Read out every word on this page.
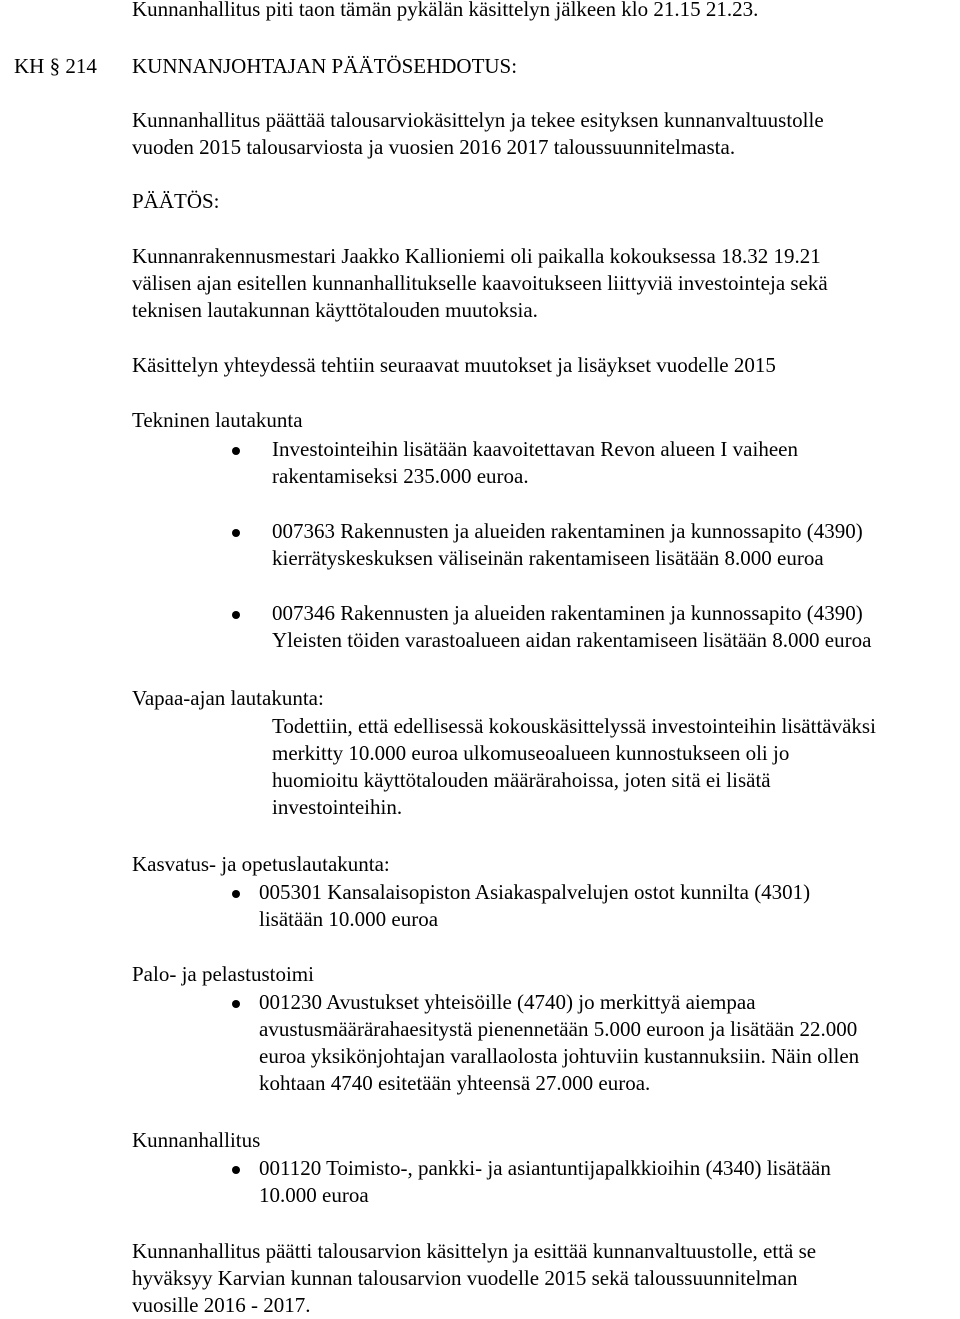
Kunnanhallitus piti taon tämän pykälän käsittelyn jälkeen klo 21.15 21.23.
KH § 214 KUNNANJOHTAJAN PÄÄTÖSEHDOTUS:
Kunnanhallitus päättää talousarviokäsittelyn ja tekee esityksen kunnanvaltuustolle
vuoden 2015 talousarviosta ja vuosien 2016 2017 taloussuunnitelmasta.
PÄÄTÖS:
Kunnanrakennusmestari Jaakko Kallioniemi oli paikalla kokouksessa 18.32 19.21
välisen ajan esitellen kunnanhallitukselle kaavoitukseen liittyviä investointeja sekä
teknisen lautakunnan käyttötalouden muutoksia.
Käsittelyn yhteydessä tehtiin seuraavat muutokset ja lisäykset vuodelle 2015
Tekninen lautakunta
Investointeihin lisätään kaavoitettavan Revon alueen I vaiheen
rakentamiseksi 235.000 euroa.
007363 Rakennusten ja alueiden rakentaminen ja kunnossapito (4390)
kierrätyskeskuksen väliseinän rakentamiseen lisätään 8.000 euroa
007346 Rakennusten ja alueiden rakentaminen ja kunnossapito (4390)
Yleisten töiden varastoalueen aidan rakentamiseen lisätään 8.000 euroa
Vapaa-ajan lautakunta:
Todettiin, että edellisessä kokouskäsittelyssä investointeihin lisättäväksi
merkitty 10.000 euroa ulkomuseoalueen kunnostukseen oli jo
huomioitu käyttötalouden määrärahoissa, joten sitä ei lisätä
investointeihin.
Kasvatus- ja opetuslautakunta:
005301 Kansalaisopiston Asiakaspalvelujen ostot kunnilta (4301)
lisätään 10.000 euroa
Palo- ja pelastustoimi
001230 Avustukset yhteisöille (4740) jo merkittyä aiempaa
avustusmäärärahaesitystä pienennetään 5.000 euroon ja lisätään 22.000
euroa yksikönjohtajan varallaolosta johtuviin kustannuksiin. Näin ollen
kohtaan 4740 esitetään yhteensä 27.000 euroa.
Kunnanhallitus
001120 Toimisto-, pankki- ja asiantuntijapalkkioihin (4340) lisätään
10.000 euroa
Kunnanhallitus päätti talousarvion käsittelyn ja esittää kunnanvaltuustolle, että se
hyväksyy Karvian kunnan talousarvion vuodelle 2015 sekä taloussuunnitelman
vuosille 2016 - 2017.
